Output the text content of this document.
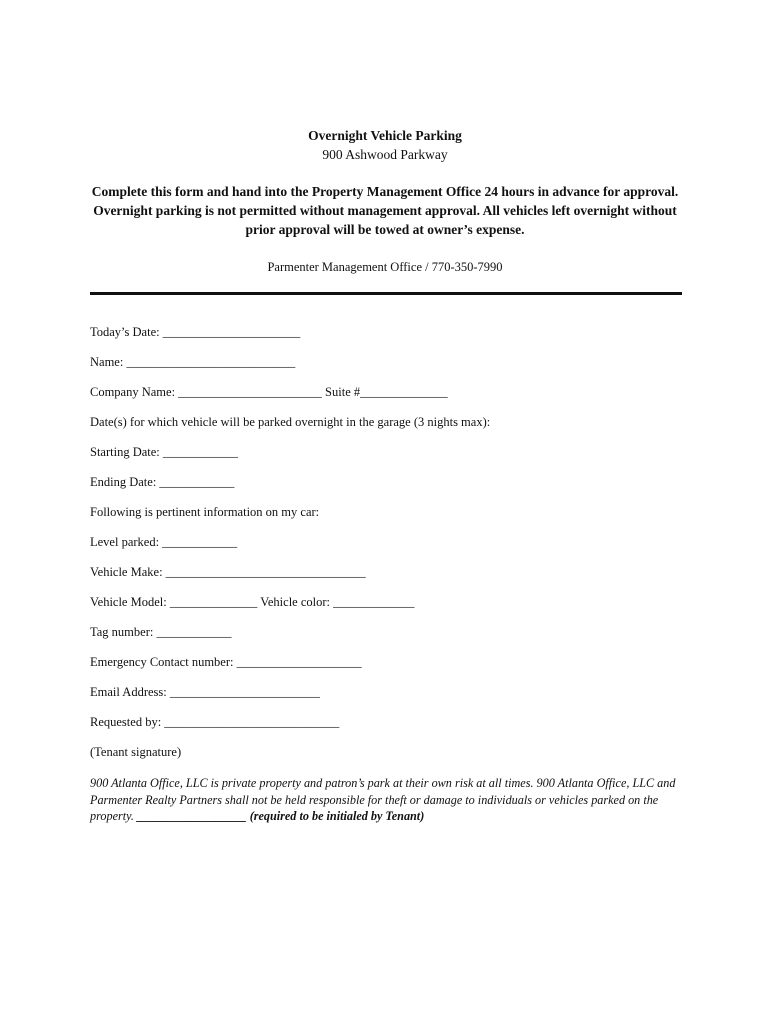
Overnight Vehicle Parking
900 Ashwood Parkway
Complete this form and hand into the Property Management Office 24 hours in advance for approval. Overnight parking is not permitted without management approval. All vehicles left overnight without prior approval will be towed at owner’s expense.
Parmenter Management Office / 770-350-7990
Today’s Date: ______________________
Name: ___________________________
Company Name: _______________________ Suite #______________
Date(s) for which vehicle will be parked overnight in the garage (3 nights max):
Starting Date: ____________
Ending Date: ____________
Following is pertinent information on my car:
Level parked: ____________
Vehicle Make: ________________________________
Vehicle Model: ______________ Vehicle color: _____________
Tag number: ____________
Emergency Contact number: ____________________
Email Address: ________________________
Requested by: ____________________________
(Tenant signature)
900 Atlanta Office, LLC is private property and patron’s park at their own risk at all times. 900 Atlanta Office, LLC and Parmenter Realty Partners shall not be held responsible for theft or damage to individuals or vehicles parked on the property. __________________ (required to be initialed by Tenant)
